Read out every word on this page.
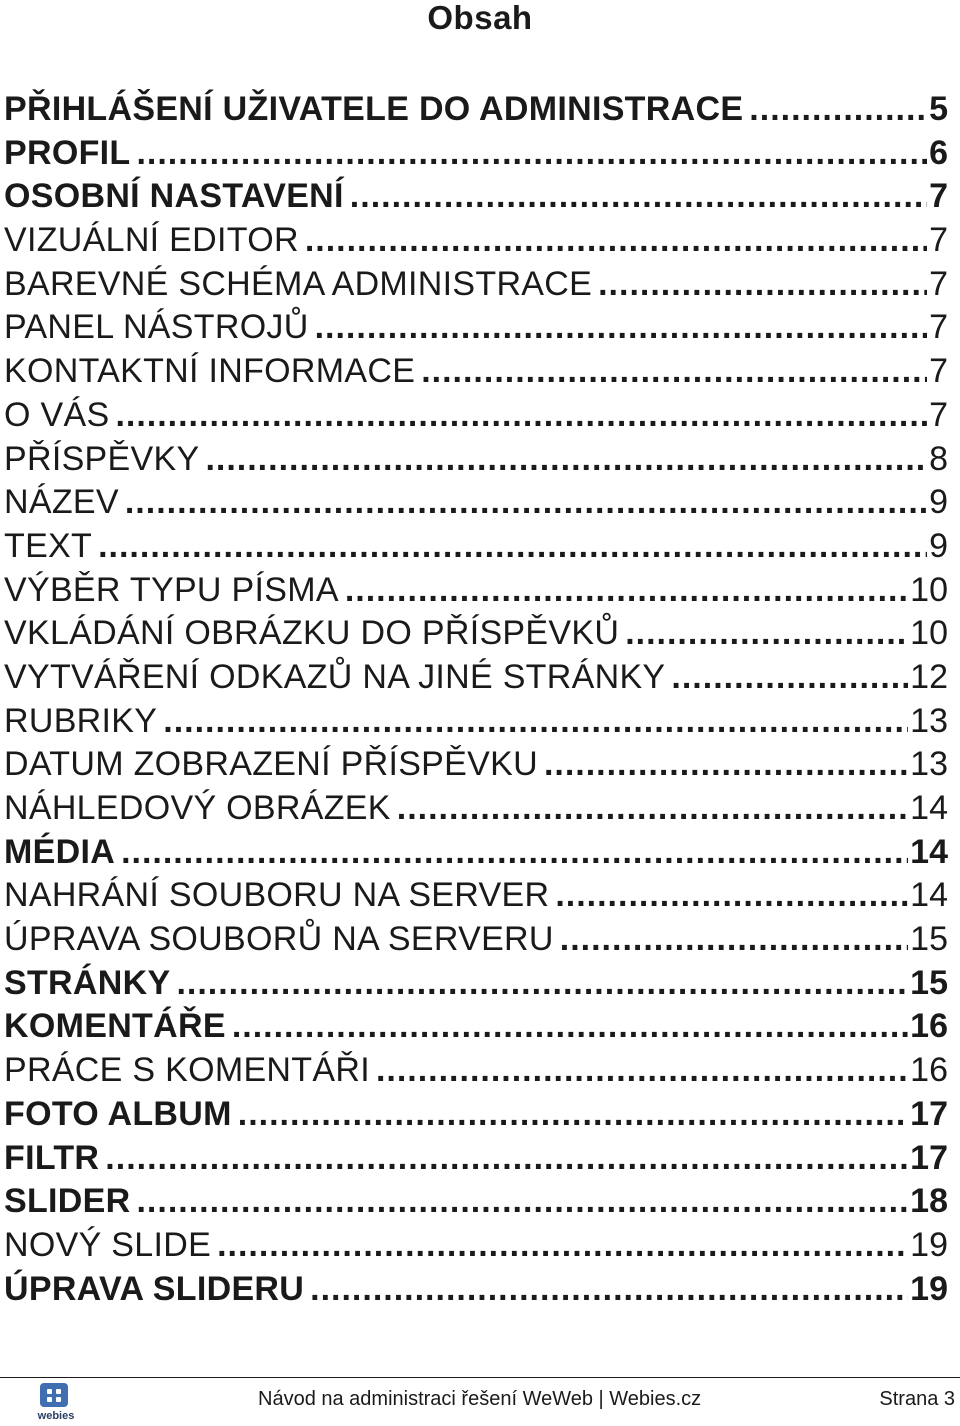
Obsah
PŘIHLÁŠENÍ UŽIVATELE DO ADMINISTRACE .....	5
PROFIL .....	6
OSOBNÍ NASTAVENÍ .....	7
VIZUÁLNÍ EDITOR .....	7
BAREVNÉ SCHÉMA ADMINISTRACE .....	7
PANEL NÁSTROJŮ .....	7
KONTAKTNÍ INFORMACE .....	7
O VÁS .....	7
PŘÍSPĚVKY .....	8
NÁZEV .....	9
TEXT .....	9
VÝBĚR TYPU PÍSMA .....	10
VKLÁDÁNÍ OBRÁZKU DO PŘÍSPĚVKŮ .....	10
VYTVÁŘENÍ ODKAZŮ NA JINÉ STRÁNKY .....	12
RUBRIKY .....	13
DATUM ZOBRAZENÍ PŘÍSPĚVKU .....	13
NÁHLEDOVÝ OBRÁZEK .....	14
MÉDIA .....	14
NAHRÁNÍ SOUBORU NA SERVER .....	14
ÚPRAVA SOUBORŮ NA SERVERU .....	15
STRÁNKY .....	15
KOMENTÁŘE .....	16
PRÁCE S KOMENTÁŘI .....	16
FOTO ALBUM .....	17
FILTR .....	17
SLIDER .....	18
NOVÝ SLIDE .....	19
ÚPRAVA SLIDERU .....	19
webies
Návod na administraci řešení WeWeb | Webies.cz	Strana 3
